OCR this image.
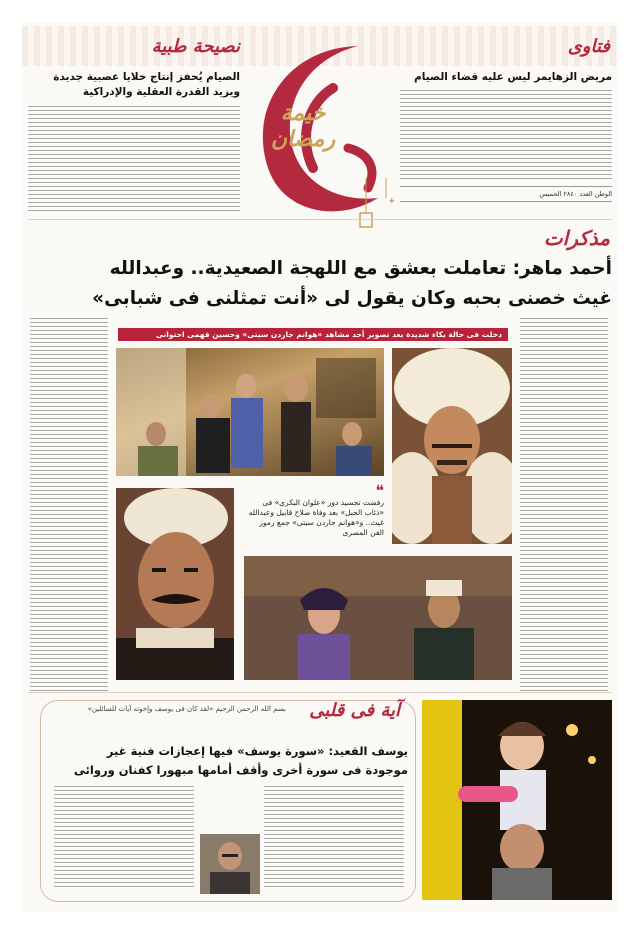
نصيحة طبية
الصيام يُحفز إنتاج خلايا عصبية جديدة
ويزيد القدرة العقلية والإدراكية
فتاوى
مريض الزهايمر ليس عليه قضاء الصيام
الوطن العدد ٢٨٤٠ الخميس
✦
خيمة رمضان
مذكرات
أحمد ماهر: تعاملت بعشق مع اللهجة الصعيدية.. وعبدالله
غيث خصنى بحبه وكان يقول لى «أنت تمثلنى فى شبابى»
دخلت فى حالة بكاء شديدة بعد تصوير أحد مشاهد «هوانم جاردن سيتى» وحسين فهمى احتوانى
❝
رفضت تجسيد دور «علوان البكرى» فى «ذئاب الجبل» بعد وفاة صلاح قابيل وعبدالله غيث.. و«هوانم جاردن سيتى» جمع رموز الفن المصرى
آية فى قلبى
بسم الله الرحمن الرحيم «لقد كان فى يوسف وإخوته آيات للسائلين»
يوسف القعيد: «سورة يوسف» فيها إعجازات فنية غير
موجودة فى سورة أخرى وأقف أمامها مبهورا كفنان وروائى
